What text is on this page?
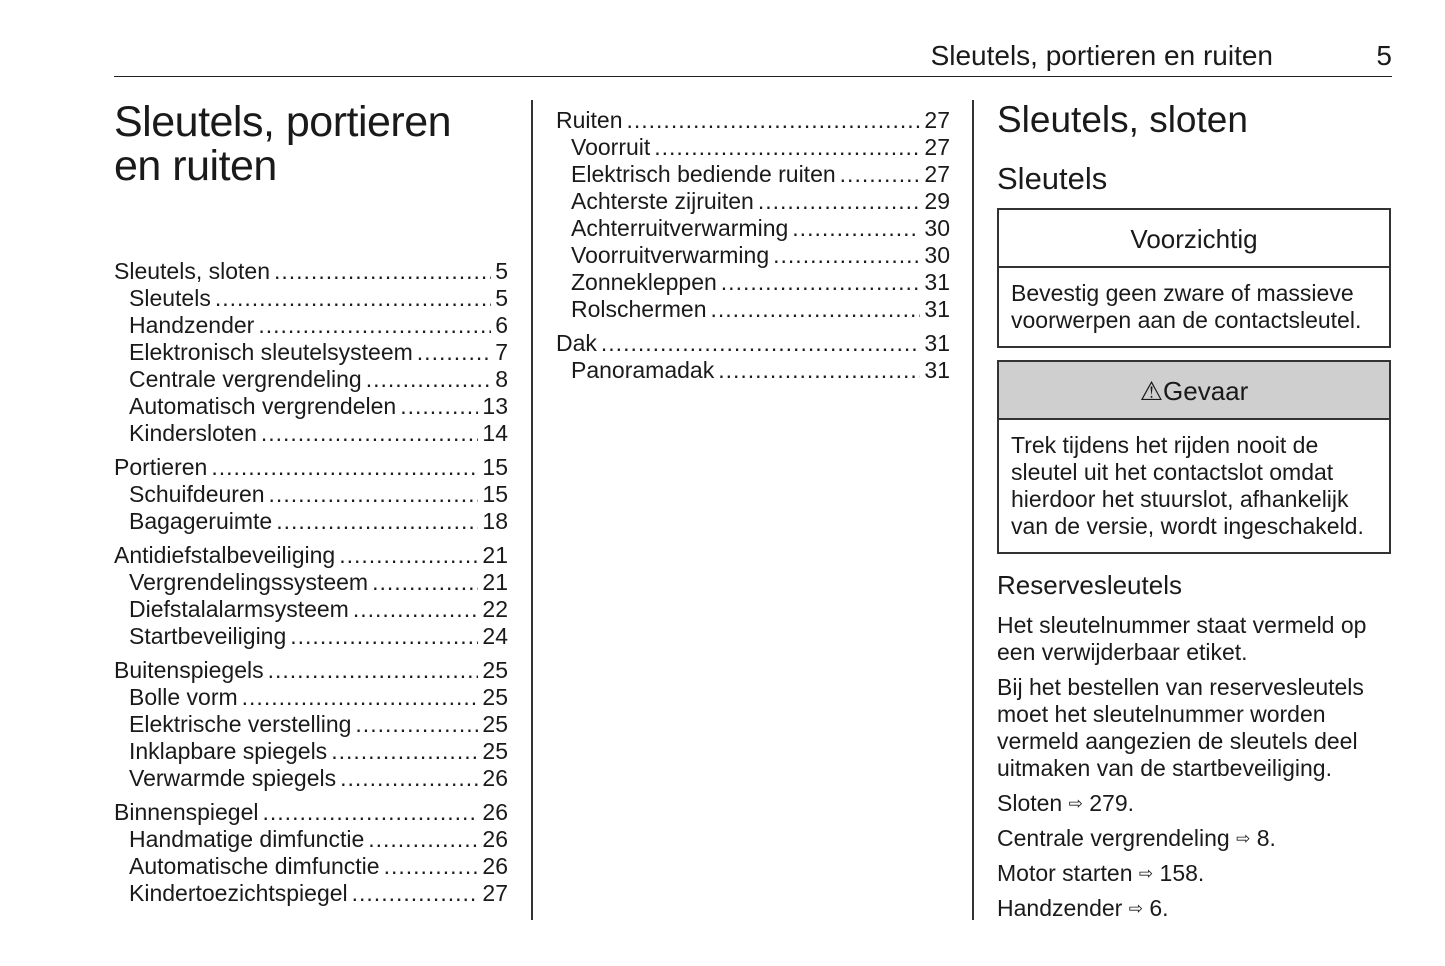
Sleutels, portieren en ruiten	5
Sleutels, portieren
en ruiten
Sleutels, sloten .....	5
Sleutels .....	5
Handzender .....	6
Elektronisch sleutelsysteem .....	7
Centrale vergrendeling .....	8
Automatisch vergrendelen .....	13
Kindersloten .....	14
Portieren .....	15
Schuifdeuren .....	15
Bagageruimte .....	18
Antidiefstalbeveiliging .....	21
Vergrendelingssysteem .....	21
Diefstalalarmsysteem .....	22
Startbeveiliging .....	24
Buitenspiegels .....	25
Bolle vorm .....	25
Elektrische verstelling .....	25
Inklapbare spiegels .....	25
Verwarmde spiegels .....	26
Binnenspiegel .....	26
Handmatige dimfunctie .....	26
Automatische dimfunctie .....	26
Kindertoezichtspiegel .....	27
Ruiten .....	27
Voorruit .....	27
Elektrisch bediende ruiten .....	27
Achterste zijruiten .....	29
Achterruitverwarming .....	30
Voorruitverwarming .....	30
Zonnekleppen .....	31
Rolschermen .....	31
Dak .....	31
Panoramadak .....	31
Sleutels, sloten
Sleutels
Voorzichtig
Bevestig geen zware of massieve voorwerpen aan de contactsleutel.
⚠Gevaar
Trek tijdens het rijden nooit de sleutel uit het contactslot omdat hierdoor het stuurslot, afhankelijk van de versie, wordt ingeschakeld.
Reservesleutels
Het sleutelnummer staat vermeld op een verwijderbaar etiket.
Bij het bestellen van reservesleutels moet het sleutelnummer worden vermeld aangezien de sleutels deel uitmaken van de startbeveiliging.
Sloten ⇨ 279.
Centrale vergrendeling ⇨ 8.
Motor starten ⇨ 158.
Handzender ⇨ 6.
